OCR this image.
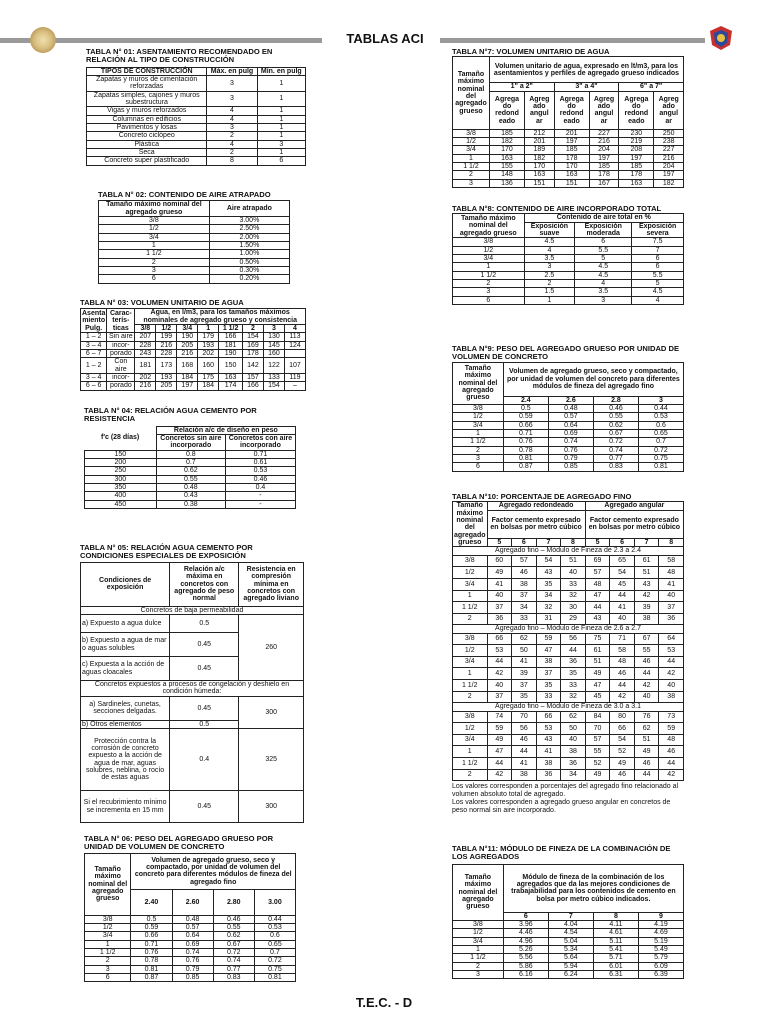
TABLAS ACI
TABLA N° 01: ASENTAMIENTO RECOMENDADO EN RELACIÓN AL TIPO DE CONSTRUCCIÓN
TIPOS DE CONSTRUCCIÓN	Máx. en pulg	Mín. en pulg
Zapatas y muros de cimentación reforzadas	3	1
Zapatas simples, cajones y muros subestructura	3	1
Vigas y muros reforzados	4	1
Columnas en edificios	4	1
Pavimentos y losas	3	1
Concreto ciclópeo	2	1
Plástica	4	3
Seca	2	1
Concreto super plastificado	8	6
TABLA N° 02: CONTENIDO DE AIRE ATRAPADO
Tamaño máximo nominal del agregado grueso	Aire atrapado
3/8	3.00%
1/2	2.50%
3/4	2.00%
1	1.50%
1 1/2	1.00%
2	0.50%
3	0.30%
6	0.20%
TABLA N° 03: VOLUMEN UNITARIO DE AGUA
Asenta miento Pulg.	Carac- terís- ticas	Agua, en l/m3, para los tamaños máximos nominales de agregado grueso y consistencia							
		3/8	1/2	3/4	1	1 1/2	2	3	4
1 – 2	Sin aire	207	199	190	179	166	154	130	113
3 – 4	incor-	228	216	205	193	181	169	145	124
6 – 7	porado	243	228	216	202	190	178	160	
1 – 2	Con aire	181	173	168	160	150	142	122	107
3 – 4	incor-	202	193	184	175	163	157	133	119
6 – 6	porado	216	205	197	184	174	166	154	–
TABLA N° 04: RELACIÓN AGUA CEMENTO POR RESISTENCIA
f'c (28 días)	Relación a/c de diseño en peso	
	Concretos sin aire incorporado	Concretos con aire incorporado
150	0.8	0.71
200	0.7	0.61
250	0.62	0.53
300	0.55	0.46
350	0.48	0.4
400	0.43	-
450	0.38	-
TABLA N° 05: RELACIÓN AGUA CEMENTO POR CONDICIONES ESPECIALES DE EXPOSICIÓN
Condiciones de exposición	Relación a/c máxima en concretos con agregado de peso normal	Resistencia en compresión mínima en concretos con agregado liviano
Concretos de baja permeabilidad		
a) Expuesto a agua dulce	0.5	260
b) Expuesto a agua de mar o aguas solubles	0.45	
c) Expuesta a la acción de aguas cloacales	0.45	
Concretos expuestos a procesos de congelación y deshielo en condición húmeda:		
a) Sardineles, cunetas, secciones delgadas.	0.45	300
b) Otros elementos	0.5	
Protección contra la corrosión de concreto expuesto a la acción de agua de mar, aguas solubres, neblina, o rocío de estas aguas	0.4	325
Si el recubrimiento mínimo se incrementa en 15 mm	0.45	300
TABLA N° 06: PESO DEL AGREGADO GRUESO POR UNIDAD DE VOLUMEN DE CONCRETO
Tamaño máximo nominal del agregado grueso	Volumen de agregado grueso, seco y compactado, por unidad de volumen del concreto para diferentes módulos de fineza del agregado fino			
	2.40	2.60	2.80	3.00
3/8	0.5	0.48	0.46	0.44
1/2	0.59	0.57	0.55	0.53
3/4	0.66	0.64	0.62	0.6
1	0.71	0.69	0.67	0.65
1 1/2	0.76	0.74	0.72	0.7
2	0.78	0.76	0.74	0.72
3	0.81	0.79	0.77	0.75
6	0.87	0.85	0.83	0.81
TABLA N°7: VOLUMEN UNITARIO DE AGUA
Tamaño máximo nominal del agregado grueso	Volumen unitario de agua, expresado en lt/m3, para los asentamientos y perfiles de agregado grueso indicados					
	1" a 2"		3" a 4"		6" a 7"	
	Agrega do redond eado	Agreg ado angul ar	Agrega do redond eado	Agreg ado angul ar	Agrega do redond eado	Agreg ado angul ar
3/8	185	212	201	227	230	250
1/2	182	201	197	216	219	238
3/4	170	189	185	204	208	227
1	163	182	178	197	197	216
1 1/2	155	170	170	185	185	204
2	148	163	163	178	178	197
3	136	151	151	167	163	182
TABLA N°8: CONTENIDO DE AIRE INCORPORADO TOTAL
Tamaño máximo nominal del agregado grueso	Contenido de aire total en %		
	Exposición suave	Exposición moderada	Exposición severa
3/8	4.5	6	7.5
1/2	4	5.5	7
3/4	3.5	5	6
1	3	4.5	6
1 1/2	2.5	4.5	5.5
2	2	4	5
3	1.5	3.5	4.5
6	1	3	4
TABLA N°9: PESO DEL AGREGADO GRUESO POR UNIDAD DE VOLUMEN DE CONCRETO
Tamaño máximo nominal del agregado grueso	Volumen de agregado grueso, seco y compactado, por unidad de volumen del concreto para diferentes módulos de fineza del agregado fino			
	2.4	2.6	2.8	3
3/8	0.5	0.48	0.46	0.44
1/2	0.59	0.57	0.55	0.53
3/4	0.66	0.64	0.62	0.6
1	0.71	0.69	0.67	0.65
1 1/2	0.76	0.74	0.72	0.7
2	0.78	0.76	0.74	0.72
3	0.81	0.79	0.77	0.75
6	0.87	0.85	0.83	0.81
TABLA N°10: PORCENTAJE DE AGREGADO FINO
Tamaño máximo nominal del agregado grueso	Agregado redondeado				Agregado angular			
	Factor cemento expresado en bolsas por metro cúbico				Factor cemento expresado en bolsas por metro cúbico			
	5	6	7	8	5	6	7	8
Agregado fino – Módulo de Fineza de 2.3 a 2.4								
3/8	60	57	54	51	69	65	61	58
1/2	49	46	43	40	57	54	51	48
3/4	41	38	35	33	48	45	43	41
1	40	37	34	32	47	44	42	40
1 1/2	37	34	32	30	44	41	39	37
2	36	33	31	29	43	40	38	36
Agregado fino – Módulo de Fineza de 2.6 a 2.7								
3/8	66	62	59	56	75	71	67	64
1/2	53	50	47	44	61	58	55	53
3/4	44	41	38	36	51	48	46	44
1	42	39	37	35	49	46	44	42
1 1/2	40	37	35	33	47	44	42	40
2	37	35	33	32	45	42	40	38
Agregado fino – Módulo de Fineza de 3.0 a 3.1								
3/8	74	70	66	62	84	80	76	73
1/2	59	56	53	50	70	66	62	59
3/4	49	46	43	40	57	54	51	48
1	47	44	41	38	55	52	49	46
1 1/2	44	41	38	36	52	49	46	44
2	42	38	36	34	49	46	44	42
Los valores corresponden a porcentajes del agregado fino relacionado al volumen absoluto total de agregado.
Los valores corresponden a agregado grueso angular en concretos de peso normal sin aire incorporado.
TABLA N°11: MÓDULO DE FINEZA DE LA COMBINACIÓN DE LOS AGREGADOS
Tamaño máximo nominal del agregado grueso	Módulo de fineza de la combinación de los agregados que da las mejores condiciones de trabajabilidad para los contenidos de cemento en bolsa por metro cúbico indicados.			
	6	7	8	9
3/8	3.96	4.04	4.11	4.19
1/2	4.46	4.54	4.61	4.69
3/4	4.96	5.04	5.11	5.19
1	5.26	5.34	5.41	5.49
1 1/2	5.56	5.64	5.71	5.79
2	5.86	5.94	6.01	6.09
3	6.16	6.24	6.31	6.39
T.E.C. - D
